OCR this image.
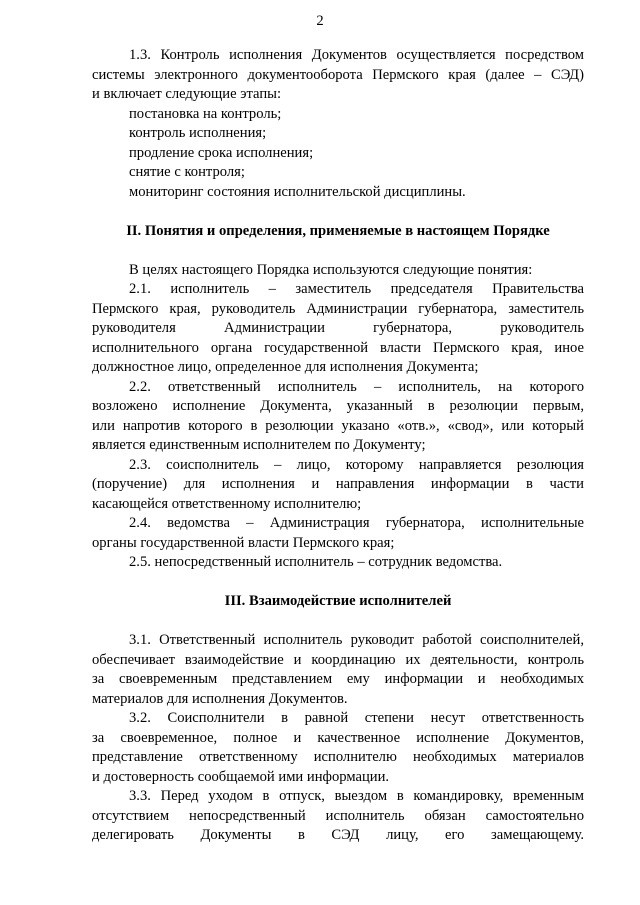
2
1.3. Контроль исполнения Документов осуществляется посредством
системы электронного документооборота Пермского края (далее – СЭД)
и включает следующие этапы:
постановка на контроль;
контроль исполнения;
продление срока исполнения;
снятие с контроля;
мониторинг состояния исполнительской дисциплины.
II. Понятия и определения, применяемые в настоящем Порядке
В целях настоящего Порядка используются следующие понятия:
2.1. исполнитель – заместитель председателя Правительства
Пермского края, руководитель Администрации губернатора, заместитель
руководителя Администрации губернатора, руководитель
исполнительного органа государственной власти Пермского края, иное
должностное лицо, определенное для исполнения Документа;
2.2. ответственный исполнитель – исполнитель, на которого
возложено исполнение Документа, указанный в резолюции первым,
или напротив которого в резолюции указано «отв.», «свод», или который
является единственным исполнителем по Документу;
2.3. соисполнитель – лицо, которому направляется резолюция
(поручение) для исполнения и направления информации в части
касающейся ответственному исполнителю;
2.4. ведомства – Администрация губернатора, исполнительные
органы государственной власти Пермского края;
2.5. непосредственный исполнитель – сотрудник ведомства.
III. Взаимодействие исполнителей
3.1. Ответственный исполнитель руководит работой соисполнителей,
обеспечивает взаимодействие и координацию их деятельности, контроль
за своевременным представлением ему информации и необходимых
материалов для исполнения Документов.
3.2. Соисполнители в равной степени несут ответственность
за своевременное, полное и качественное исполнение Документов,
представление ответственному исполнителю необходимых материалов
и достоверность сообщаемой ими информации.
3.3. Перед уходом в отпуск, выездом в командировку, временным
отсутствием непосредственный исполнитель обязан самостоятельно
делегировать Документы в СЭД лицу, его замещающему.
